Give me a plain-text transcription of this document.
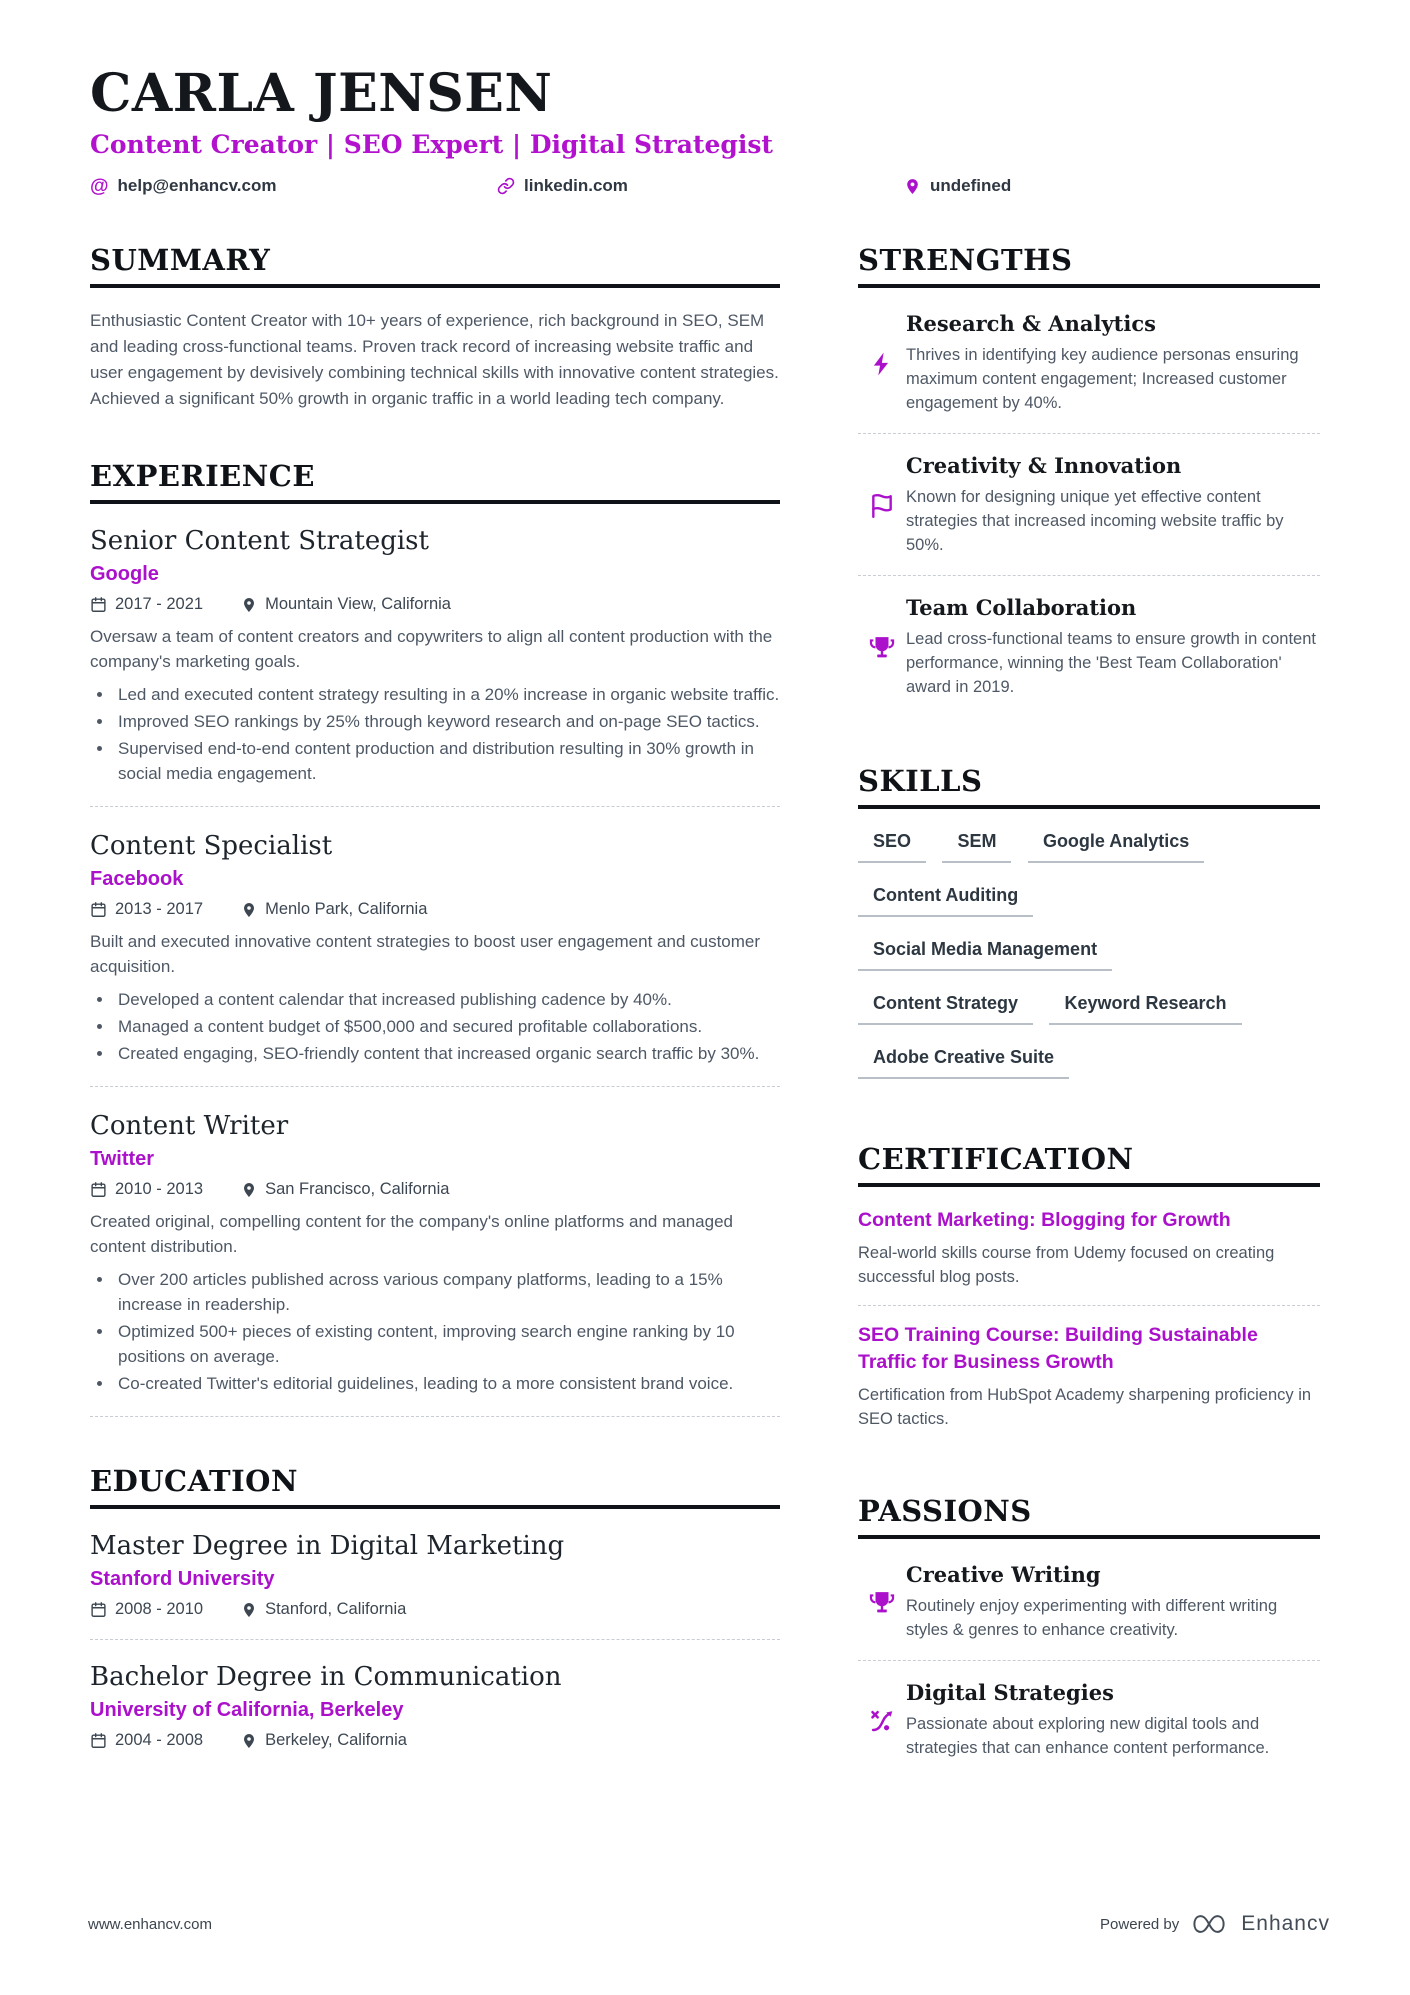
CARLA JENSEN
Content Creator | SEO Expert | Digital Strategist
@ help@enhancv.com	linkedin.com	undefined
SUMMARY
Enthusiastic Content Creator with 10+ years of experience, rich background in SEO, SEM and leading cross-functional teams. Proven track record of increasing website traffic and user engagement by devisively combining technical skills with innovative content strategies. Achieved a significant 50% growth in organic traffic in a world leading tech company.
EXPERIENCE
Senior Content Strategist
Google
2017 - 2021	Mountain View, California
Oversaw a team of content creators and copywriters to align all content production with the company's marketing goals.
• Led and executed content strategy resulting in a 20% increase in organic website traffic.
• Improved SEO rankings by 25% through keyword research and on-page SEO tactics.
• Supervised end-to-end content production and distribution resulting in 30% growth in social media engagement.
Content Specialist
Facebook
2013 - 2017	Menlo Park, California
Built and executed innovative content strategies to boost user engagement and customer acquisition.
• Developed a content calendar that increased publishing cadence by 40%.
• Managed a content budget of $500,000 and secured profitable collaborations.
• Created engaging, SEO-friendly content that increased organic search traffic by 30%.
Content Writer
Twitter
2010 - 2013	San Francisco, California
Created original, compelling content for the company's online platforms and managed content distribution.
• Over 200 articles published across various company platforms, leading to a 15% increase in readership.
• Optimized 500+ pieces of existing content, improving search engine ranking by 10 positions on average.
• Co-created Twitter's editorial guidelines, leading to a more consistent brand voice.
EDUCATION
Master Degree in Digital Marketing
Stanford University
2008 - 2010	Stanford, California
Bachelor Degree in Communication
University of California, Berkeley
2004 - 2008	Berkeley, California
STRENGTHS
Research & Analytics
Thrives in identifying key audience personas ensuring maximum content engagement; Increased customer engagement by 40%.
Creativity & Innovation
Known for designing unique yet effective content strategies that increased incoming website traffic by 50%.
Team Collaboration
Lead cross-functional teams to ensure growth in content performance, winning the 'Best Team Collaboration' award in 2019.
SKILLS
SEO	SEM	Google Analytics
Content Auditing
Social Media Management
Content Strategy	Keyword Research
Adobe Creative Suite
CERTIFICATION
Content Marketing: Blogging for Growth
Real-world skills course from Udemy focused on creating successful blog posts.
SEO Training Course: Building Sustainable Traffic for Business Growth
Certification from HubSpot Academy sharpening proficiency in SEO tactics.
PASSIONS
Creative Writing
Routinely enjoy experimenting with different writing styles & genres to enhance creativity.
Digital Strategies
Passionate about exploring new digital tools and strategies that can enhance content performance.
www.enhancv.com	Powered by	Enhancv
